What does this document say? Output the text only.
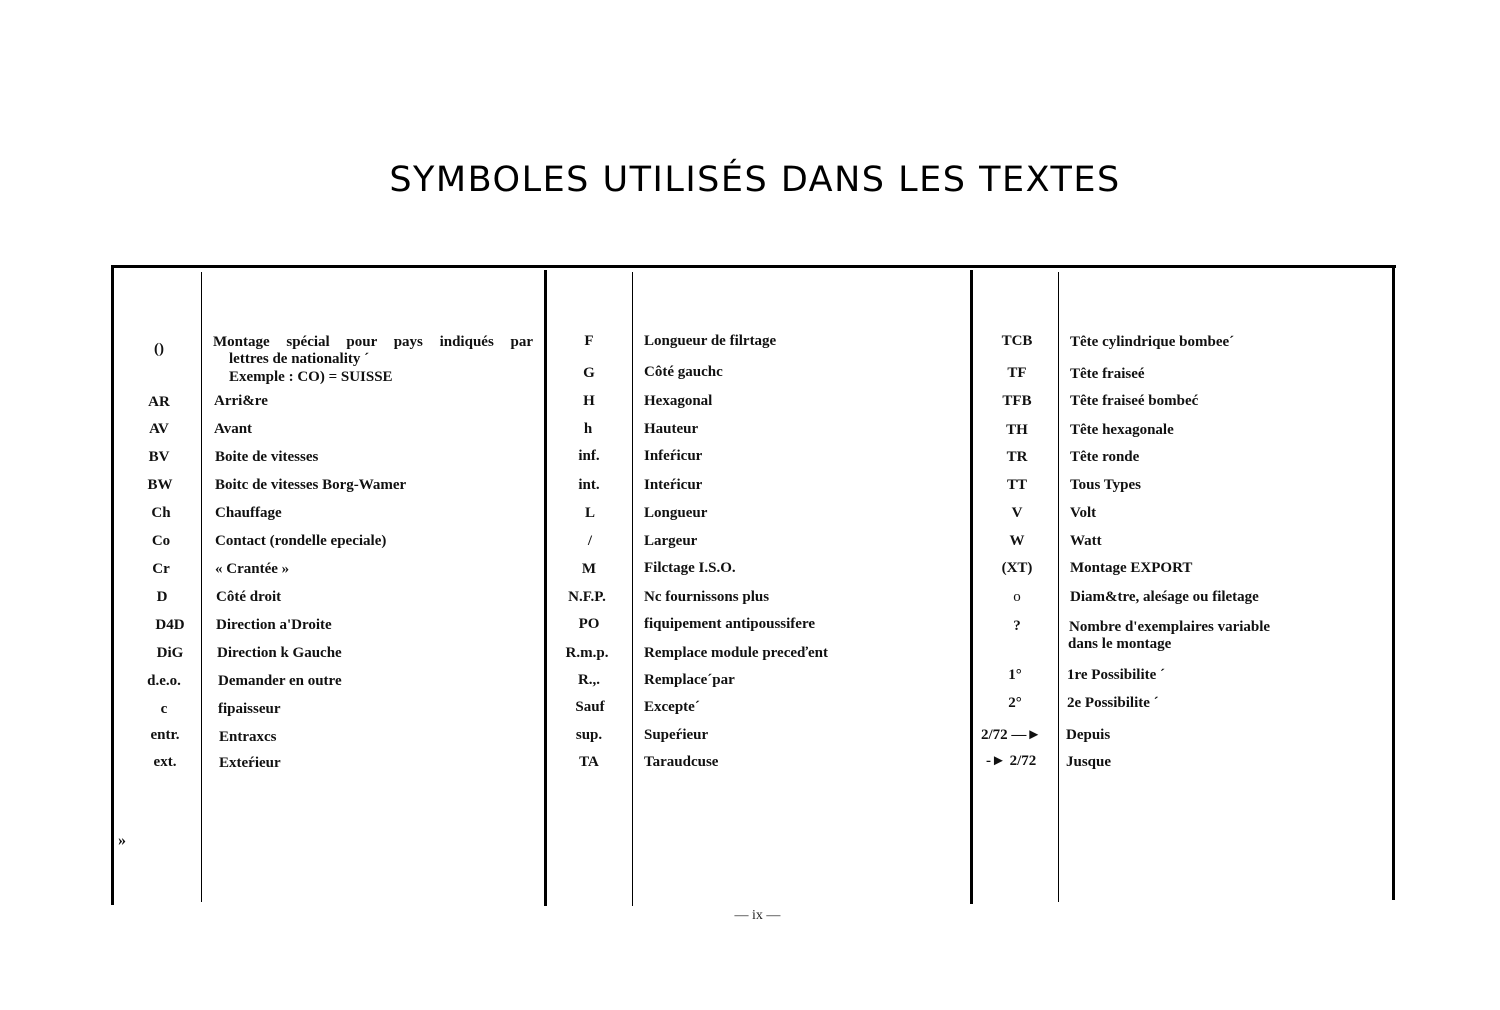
SYMBOLES UTILISÉS DANS LES TEXTES
()	Montage spécial pour pays indiqués par
lettres de nationality ˊ
Exemple : CO) = SUISSE
AR	Arri&re
AV	Avant
BV	Boite de vitesses
BW	Boitc de vitesses Borg-Wamer
Ch	Chauffage
Co	Contact (rondelle epeciale)
Cr	« Crantée »
D	Côté droit
D4D	Direction a'Droite
DiG	Direction k Gauche
d.e.o.	Demander en outre
c	fipaisseur
entr.	Entraxcs
ext.	Exteŕieur
F	Longueur de filrtage
G	Côté gauchc
H	Hexagonal
h	Hauteur
inf.	Infeŕicur
int.	Inteŕicur
L	Longueur
/	Largeur
M	Filctage I.S.O.
N.F.P.	Nc fournissons plus
PO	fiquipement antipoussifere
R.m.p.	Remplace module preceďent
R.,.	Remplaceˊpar
Sauf	Excepteˊ
sup.	Supeŕieur
TA	Taraudcuse
TCB	Tête cylindrique bombeeˊ
TF	Tête fraiseé
TFB	Tête fraiseé bombeć
TH	Tête hexagonale
TR	Tête ronde
TT	Tous Types
V	Volt
W	Watt
(XT)	Montage EXPORT
o	Diam&tre, aleśage ou filetage
?	Nombre d'exemplaires variable
dans le montage
1°	1re Possibilite ˊ
2°	2e Possibilite ˊ
2/72 —► Depuis
-► 2/72 Jusque
»
— ix —
